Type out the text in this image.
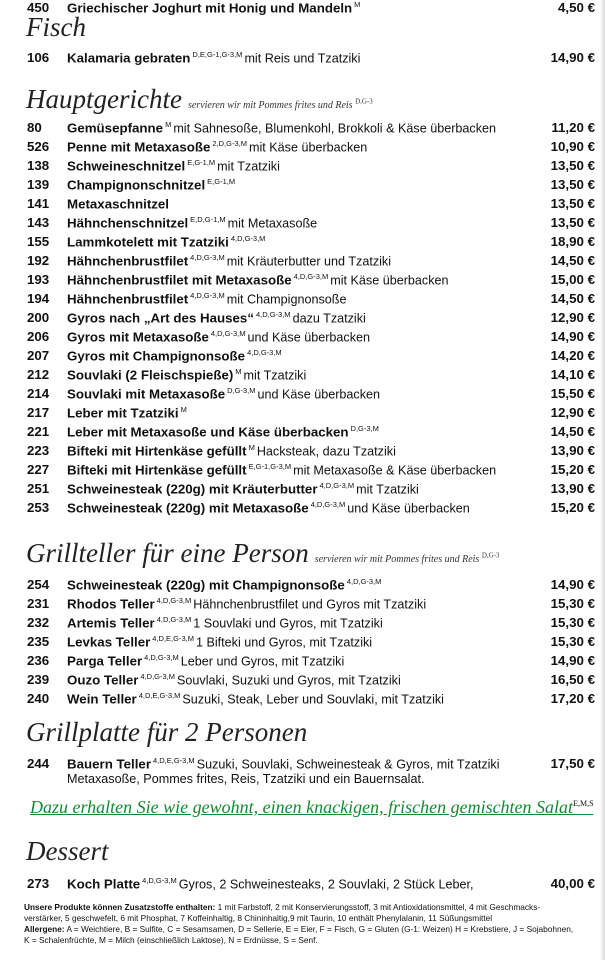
Fisch
Hauptgerichte servieren wir mit Pommes frites und Reis $^{D,G-3}$
Grillteller für eine Person servieren wir mit Pommes frites und Reis $^{D,G-3}$
Grillplatte für 2 Personen
Metaxasoße, Pommes frites, Reis, Tzatziki und ein Bauernsalat.
Dazu erhalten Sie wie gewohnt, einen knackigen, frischen gemischten Salat$^{E,M,S}$
Dessert
Unsere Produkte können Zusatzstoffe enthalten: 1 mit Farbstoff, 2 mit Konservierungsstoff, 3 mit Antioxidationsmittel, 4 mit Geschmacks-
verstärker, 5 geschwefelt, 6 mit Phosphat, 7 Koffeinhaltig, 8 Chininhaltig,9 mit Taurin, 10 enthält Phenylalanin, 11 Süßungsmittel
Allergene: A = Weichtiere, B = Sulfite, C = Sesamsamen, D = Sellerie, E = Eier, F = Fisch, G = Gluten (G-1: Weizen) H = Krebstiere, J = Sojabohnen,
K = Schalenfrüchte, M = Milch (einschließlich Laktose), N = Erdnüsse, S = Senf.
106 Kalamaria gebraten $^{D,E,G-1,G-3,M}$ mit Reis und Tzatziki	14,90 €
80 Gemüsepfanne $^M$ mit Sahnesoße, Blumenkohl, Brokkoli & Käse überbacken	11,20 €
526 Penne mit Metaxasoße $^{2,D,G-3,M}$ mit Käse überbacken	10,90 €
138 Schweineschnitzel $^{E,G-1,M}$ mit Tzatziki	13,50 €
139 Champignonschnitzel $^{E,G-1,M}$	13,50 €
141 Metaxaschnitzel	13,50 €
143 Hähnchenschnitzel $^{E,D,G-1,M}$ mit Metaxasoße	13,50 €
155 Lammkotelett mit Tzatziki $^{4,D,G-3,M}$	18,90 €
192 Hähnchenbrustfilet $^{4,D,G-3,M}$ mit Kräuterbutter und Tzatziki	14,50 €
193 Hähnchenbrustfilet mit Metaxasoße $^{4,D,G-3,M}$ mit Käse überbacken	15,00 €
194 Hähnchenbrustfilet $^{4,D,G-3,M}$ mit Champignonsoße	14,50 €
200 Gyros nach „Art des Hauses“ $^{4,D,G-3,M}$ dazu Tzatziki	12,90 €
206 Gyros mit Metaxasoße $^{4,D,G-3,M}$ und Käse überbacken	14,90 €
207 Gyros mit Champignonsoße $^{4,D,G-3,M}$	14,20 €
212 Souvlaki (2 Fleischspieße) $^M$ mit Tzatziki	14,10 €
214 Souvlaki mit Metaxasoße $^{D,G-3,M}$ und Käse überbacken	15,50 €
217 Leber mit Tzatziki $^M$	12,90 €
221 Leber mit Metaxasoße und Käse überbacken $^{D,G-3,M}$	14,50 €
223 Bifteki mit Hirtenkäse gefüllt $^M$ Hacksteak, dazu Tzatziki	13,90 €
227 Bifteki mit Hirtenkäse gefüllt $^{E,G-1,G-3,M}$ mit Metaxasoße & Käse überbacken	15,20 €
251 Schweinesteak (220g) mit Kräuterbutter $^{4,D,G-3,M}$ mit Tzatziki	13,90 €
253 Schweinesteak (220g) mit Metaxasoße $^{4,D,G-3,M}$ und Käse überbacken	15,20 €
254 Schweinesteak (220g) mit Champignonsoße $^{4,D,G-3,M}$	14,90 €
231 Rhodos Teller $^{4,D,G-3,M}$ Hähnchenbrustfilet und Gyros mit Tzatziki	15,30 €
232 Artemis Teller $^{4,D,G-3,M}$ 1 Souvlaki und Gyros, mit Tzatziki	15,30 €
235 Levkas Teller $^{4,D,E,G-3,M}$ 1 Bifteki und Gyros, mit Tzatziki	15,30 €
236 Parga Teller $^{4,D,G-3,M}$ Leber und Gyros, mit Tzatziki	14,90 €
239 Ouzo Teller $^{4,D,G-3,M}$ Souvlaki, Suzuki und Gyros, mit Tzatziki	16,50 €
240 Wein Teller $^{4,D,E,G-3,M}$ Suzuki, Steak, Leber und Souvlaki, mit Tzatziki	17,20 €
244 Bauern Teller $^{4,D,E,G-3,M}$ Suzuki, Souvlaki, Schweinesteak & Gyros, mit Tzatziki	17,50 €
273 Koch Platte $^{4,D,G-3,M}$ Gyros, 2 Schweinesteaks, 2 Souvlaki, 2 Stück Leber,	40,00 €
450 Griechischer Joghurt mit Honig und Mandeln $^M$	4,50 €
